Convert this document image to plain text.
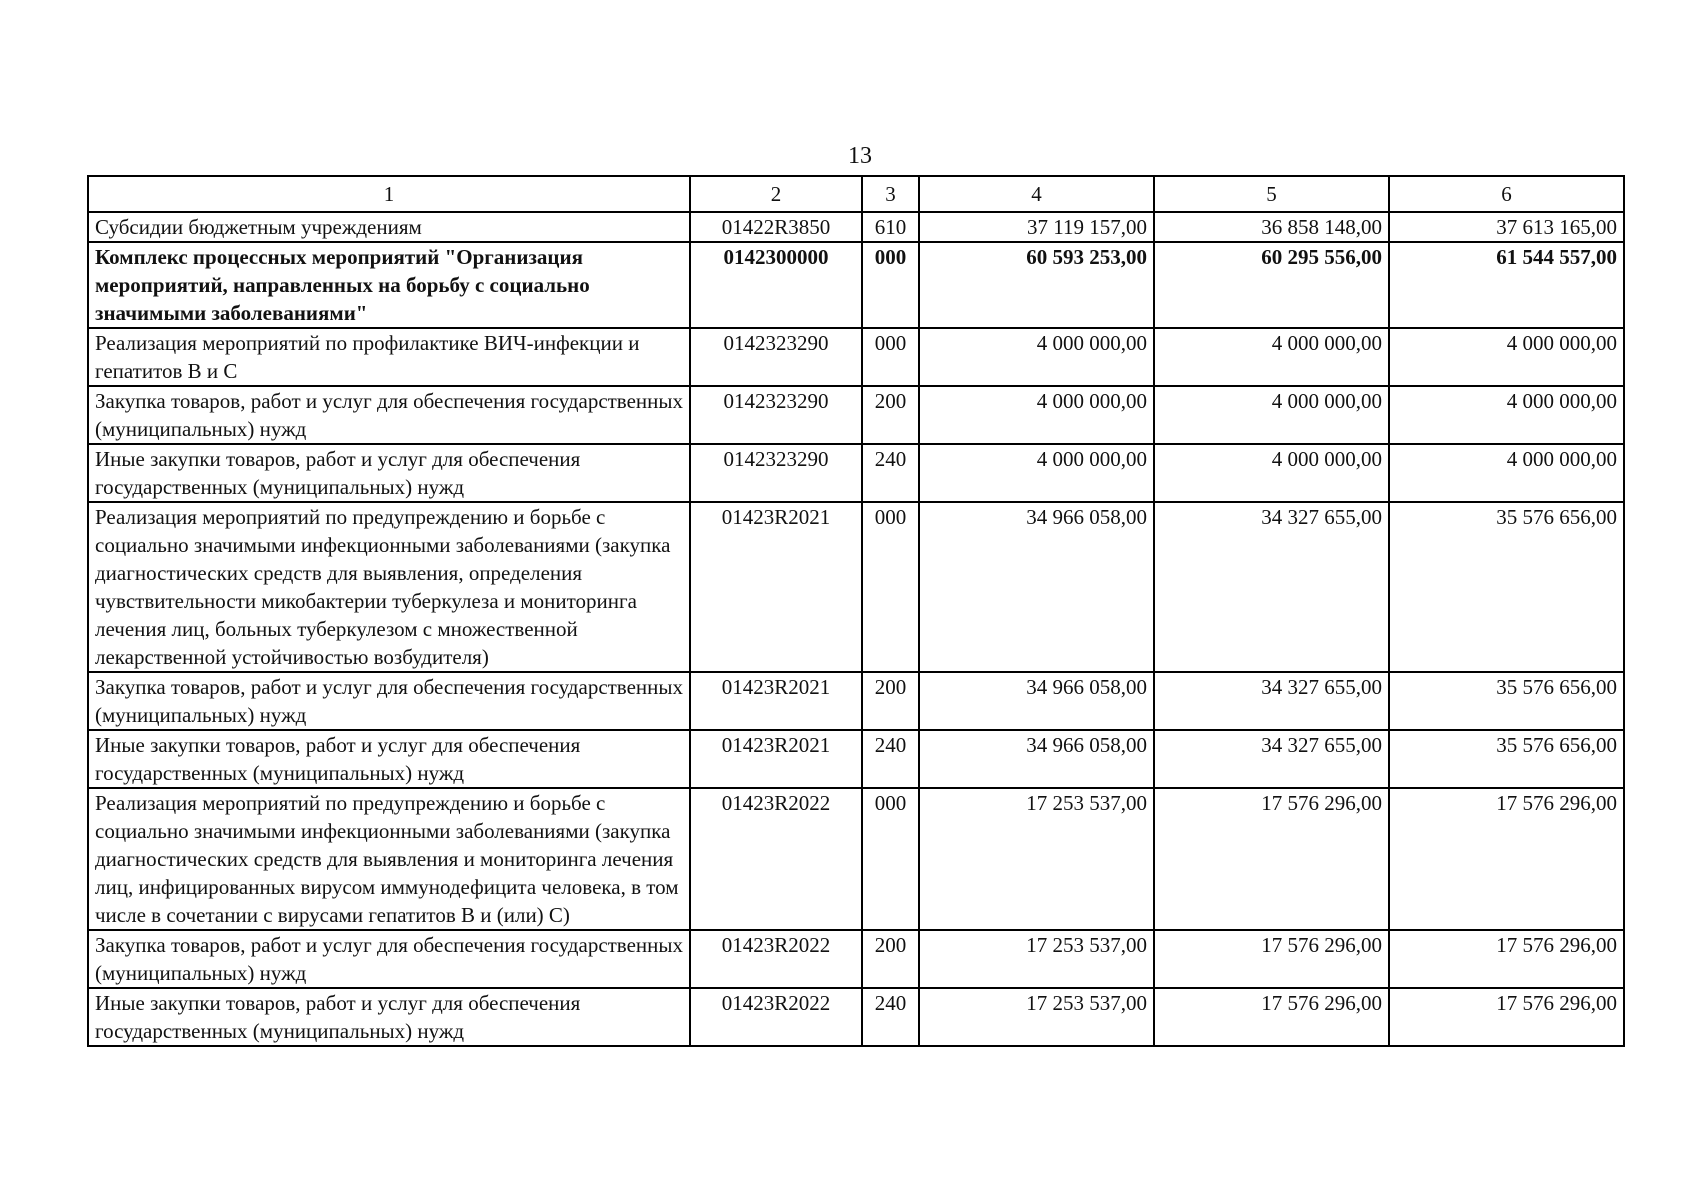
13
1	2	3	4	5	6
Субсидии бюджетным учреждениям	01422R3850	610	37 119 157,00	36 858 148,00	37 613 165,00
Комплекс процессных мероприятий "Организация мероприятий, направленных на борьбу с социально значимыми заболеваниями"	0142300000	000	60 593 253,00	60 295 556,00	61 544 557,00
Реализация мероприятий по профилактике ВИЧ-инфекции и гепатитов В и С	0142323290	000	4 000 000,00	4 000 000,00	4 000 000,00
Закупка товаров, работ и услуг для обеспечения государственных (муниципальных) нужд	0142323290	200	4 000 000,00	4 000 000,00	4 000 000,00
Иные закупки товаров, работ и услуг для обеспечения государственных (муниципальных) нужд	0142323290	240	4 000 000,00	4 000 000,00	4 000 000,00
Реализация мероприятий по предупреждению и борьбе с социально значимыми инфекционными заболеваниями (закупка диагностических средств для выявления, определения чувствительности микобактерии туберкулеза и мониторинга лечения лиц, больных туберкулезом с множественной лекарственной устойчивостью возбудителя)	01423R2021	000	34 966 058,00	34 327 655,00	35 576 656,00
Закупка товаров, работ и услуг для обеспечения государственных (муниципальных) нужд	01423R2021	200	34 966 058,00	34 327 655,00	35 576 656,00
Иные закупки товаров, работ и услуг для обеспечения государственных (муниципальных) нужд	01423R2021	240	34 966 058,00	34 327 655,00	35 576 656,00
Реализация мероприятий по предупреждению и борьбе с социально значимыми инфекционными заболеваниями (закупка диагностических средств для выявления и мониторинга лечения лиц, инфицированных вирусом иммунодефицита человека, в том числе в сочетании с вирусами гепатитов В и (или) С)	01423R2022	000	17 253 537,00	17 576 296,00	17 576 296,00
Закупка товаров, работ и услуг для обеспечения государственных (муниципальных) нужд	01423R2022	200	17 253 537,00	17 576 296,00	17 576 296,00
Иные закупки товаров, работ и услуг для обеспечения государственных (муниципальных) нужд	01423R2022	240	17 253 537,00	17 576 296,00	17 576 296,00
